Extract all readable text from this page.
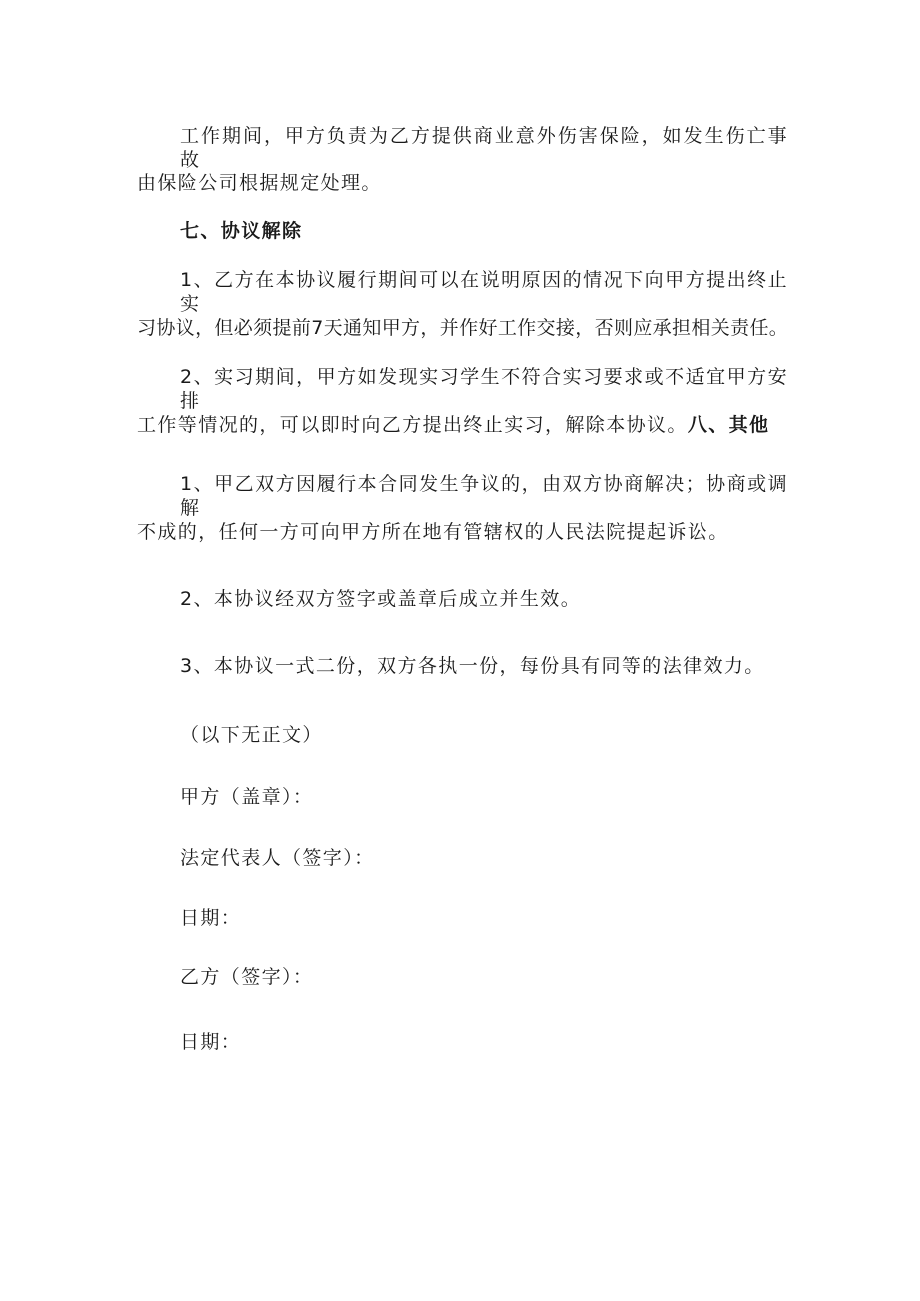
工作期间，甲方负责为乙方提供商业意外伤害保险，如发生伤亡事故

由保险公司根据规定处理。

七、协议解除

1、乙方在本协议履行期间可以在说明原因的情况下向甲方提出终止实

习协议，但必须提前7天通知甲方，并作好工作交接，否则应承担相关责任。

2、实习期间，甲方如发现实习学生不符合实习要求或不适宜甲方安排

工作等情况的，可以即时向乙方提出终止实习，解除本协议。八、其他

1、甲乙双方因履行本合同发生争议的，由双方协商解决；协商或调解

不成的，任何一方可向甲方所在地有管辖权的人民法院提起诉讼。

2、本协议经双方签字或盖章后成立并生效。

3、本协议一式二份，双方各执一份，每份具有同等的法律效力。

（以下无正文）

甲方（盖章）：

法定代表人（签字）：

日期：

乙方（签字）：

日期：
